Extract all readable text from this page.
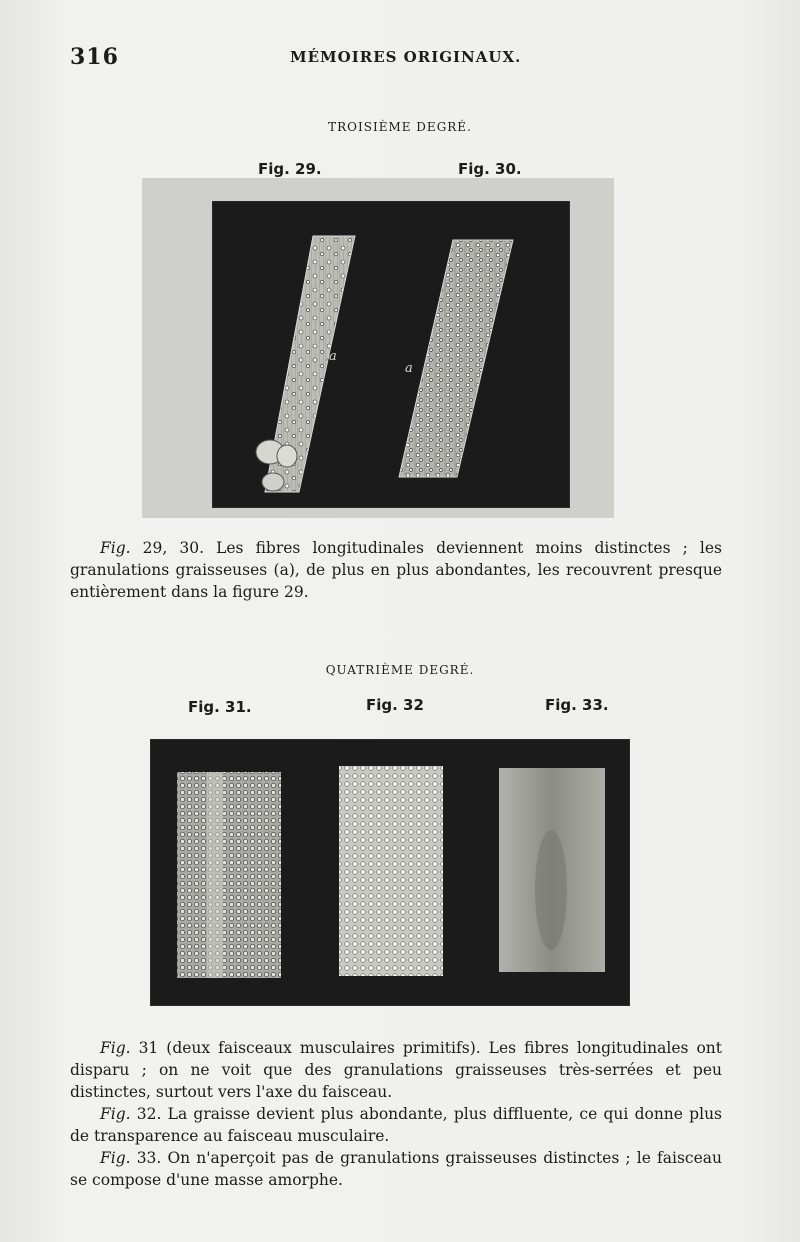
316	MÉMOIRES ORIGINAUX.
TROISIÈME DEGRÉ.
Fig. 29.	Fig. 30.
a
a

Fig. 29, 30. Les fibres longitudinales deviennent moins distinctes ; les granulations graisseuses (a), de plus en plus abondantes, les recouvrent presque entièrement dans la figure 29.

QUATRIÈME DEGRÉ.
Fig. 31.	Fig. 32	Fig. 33.

Fig. 31 (deux faisceaux musculaires primitifs). Les fibres longitudinales ont disparu ; on ne voit que des granulations graisseuses très-serrées et peu distinctes, surtout vers l'axe du faisceau.

Fig. 32. La graisse devient plus abondante, plus diffluente, ce qui donne plus de transparence au faisceau musculaire.

Fig. 33. On n'aperçoit pas de granulations graisseuses distinctes ; le faisceau se compose d'une masse amorphe.
